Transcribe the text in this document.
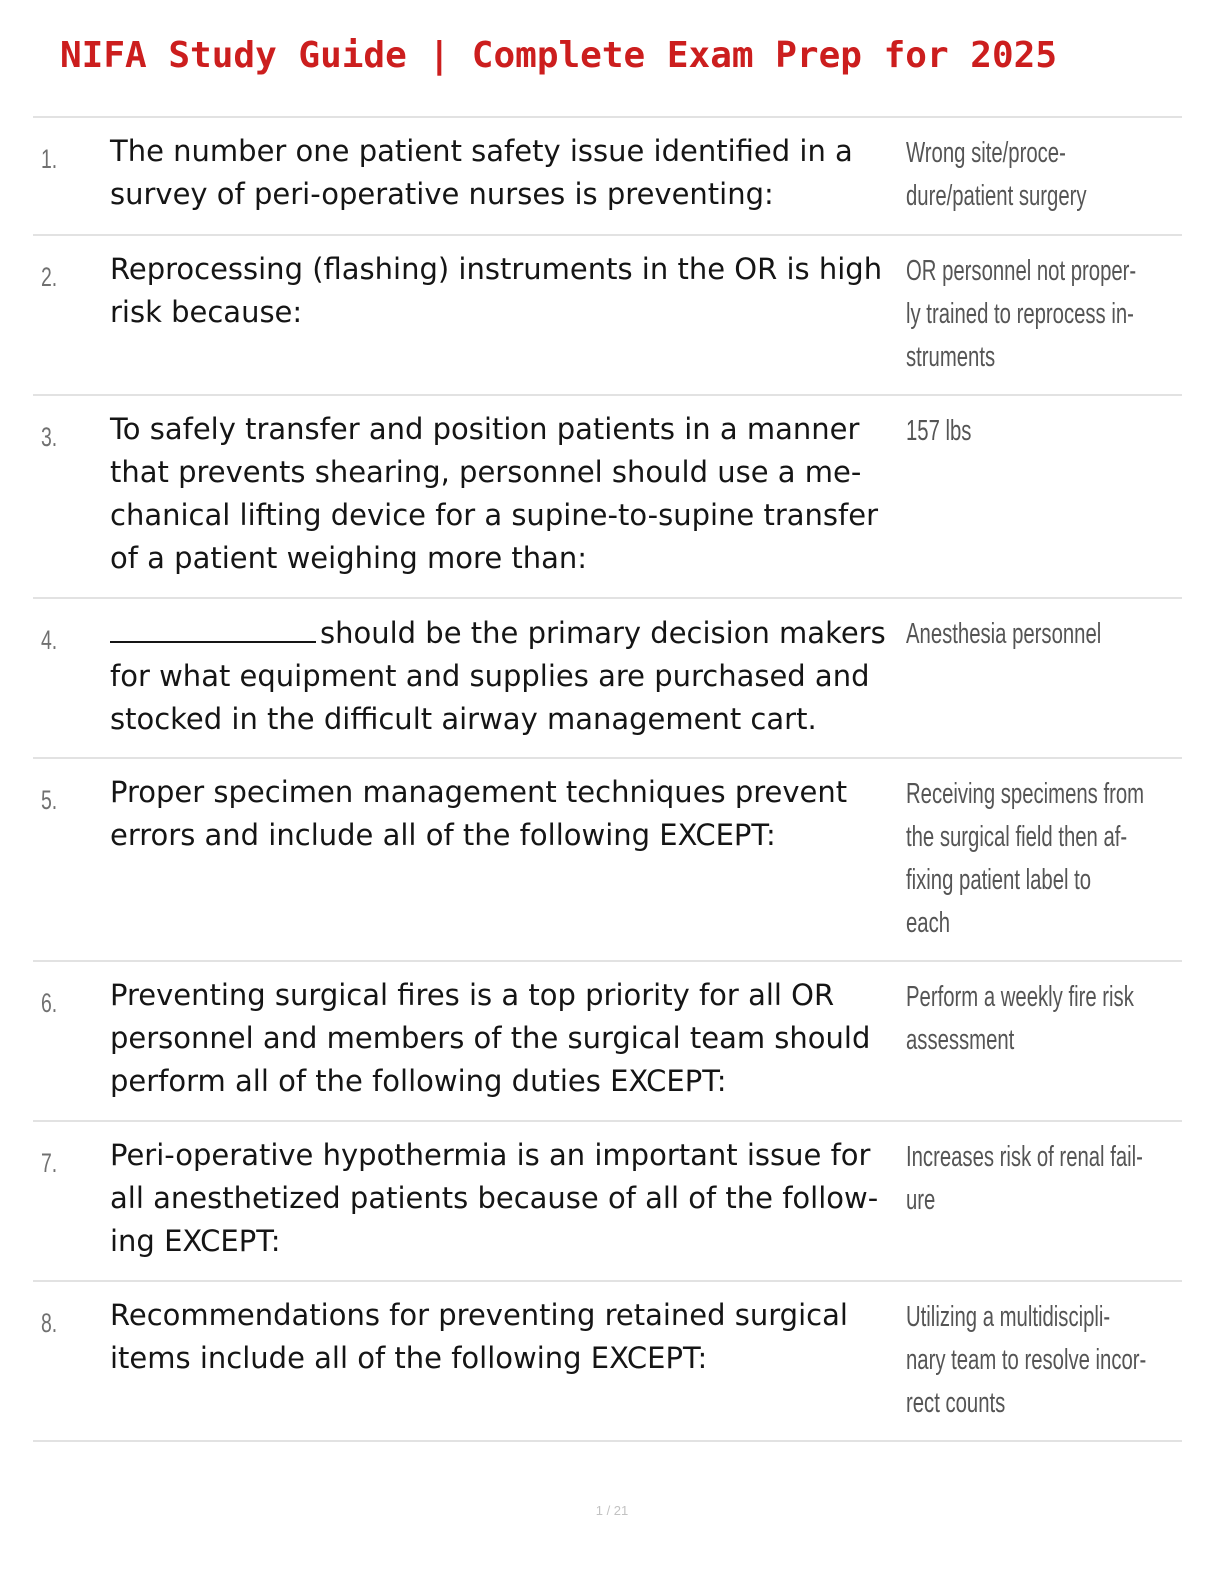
NIFA Study Guide | Complete Exam Prep for 2025
1. The number one patient safety issue identified in a
survey of peri-operative nurses is preventing:
Wrong site/proce-
dure/patient surgery
2. Reprocessing (flashing) instruments in the OR is high
risk because:
OR personnel not proper-
ly trained to reprocess in-
struments
3. To safely transfer and position patients in a manner
that prevents shearing, personnel should use a me-
chanical lifting device for a supine-to-supine transfer
of a patient weighing more than:
157 lbs
4.	should be the primary decision makers
for what equipment and supplies are purchased and
stocked in the difficult airway management cart.
Anesthesia personnel
5. Proper specimen management techniques prevent
errors and include all of the following EXCEPT:
Receiving specimens from
the surgical field then af-
fixing patient label to
each
6. Preventing surgical fires is a top priority for all OR
personnel and members of the surgical team should
perform all of the following duties EXCEPT:
Perform a weekly fire risk
assessment
7. Peri-operative hypothermia is an important issue for
all anesthetized patients because of all of the follow-
ing EXCEPT:
Increases risk of renal fail-
ure
8. Recommendations for preventing retained surgical
items include all of the following EXCEPT:
Utilizing a multidiscipli-
nary team to resolve incor-
rect counts
1 / 21
